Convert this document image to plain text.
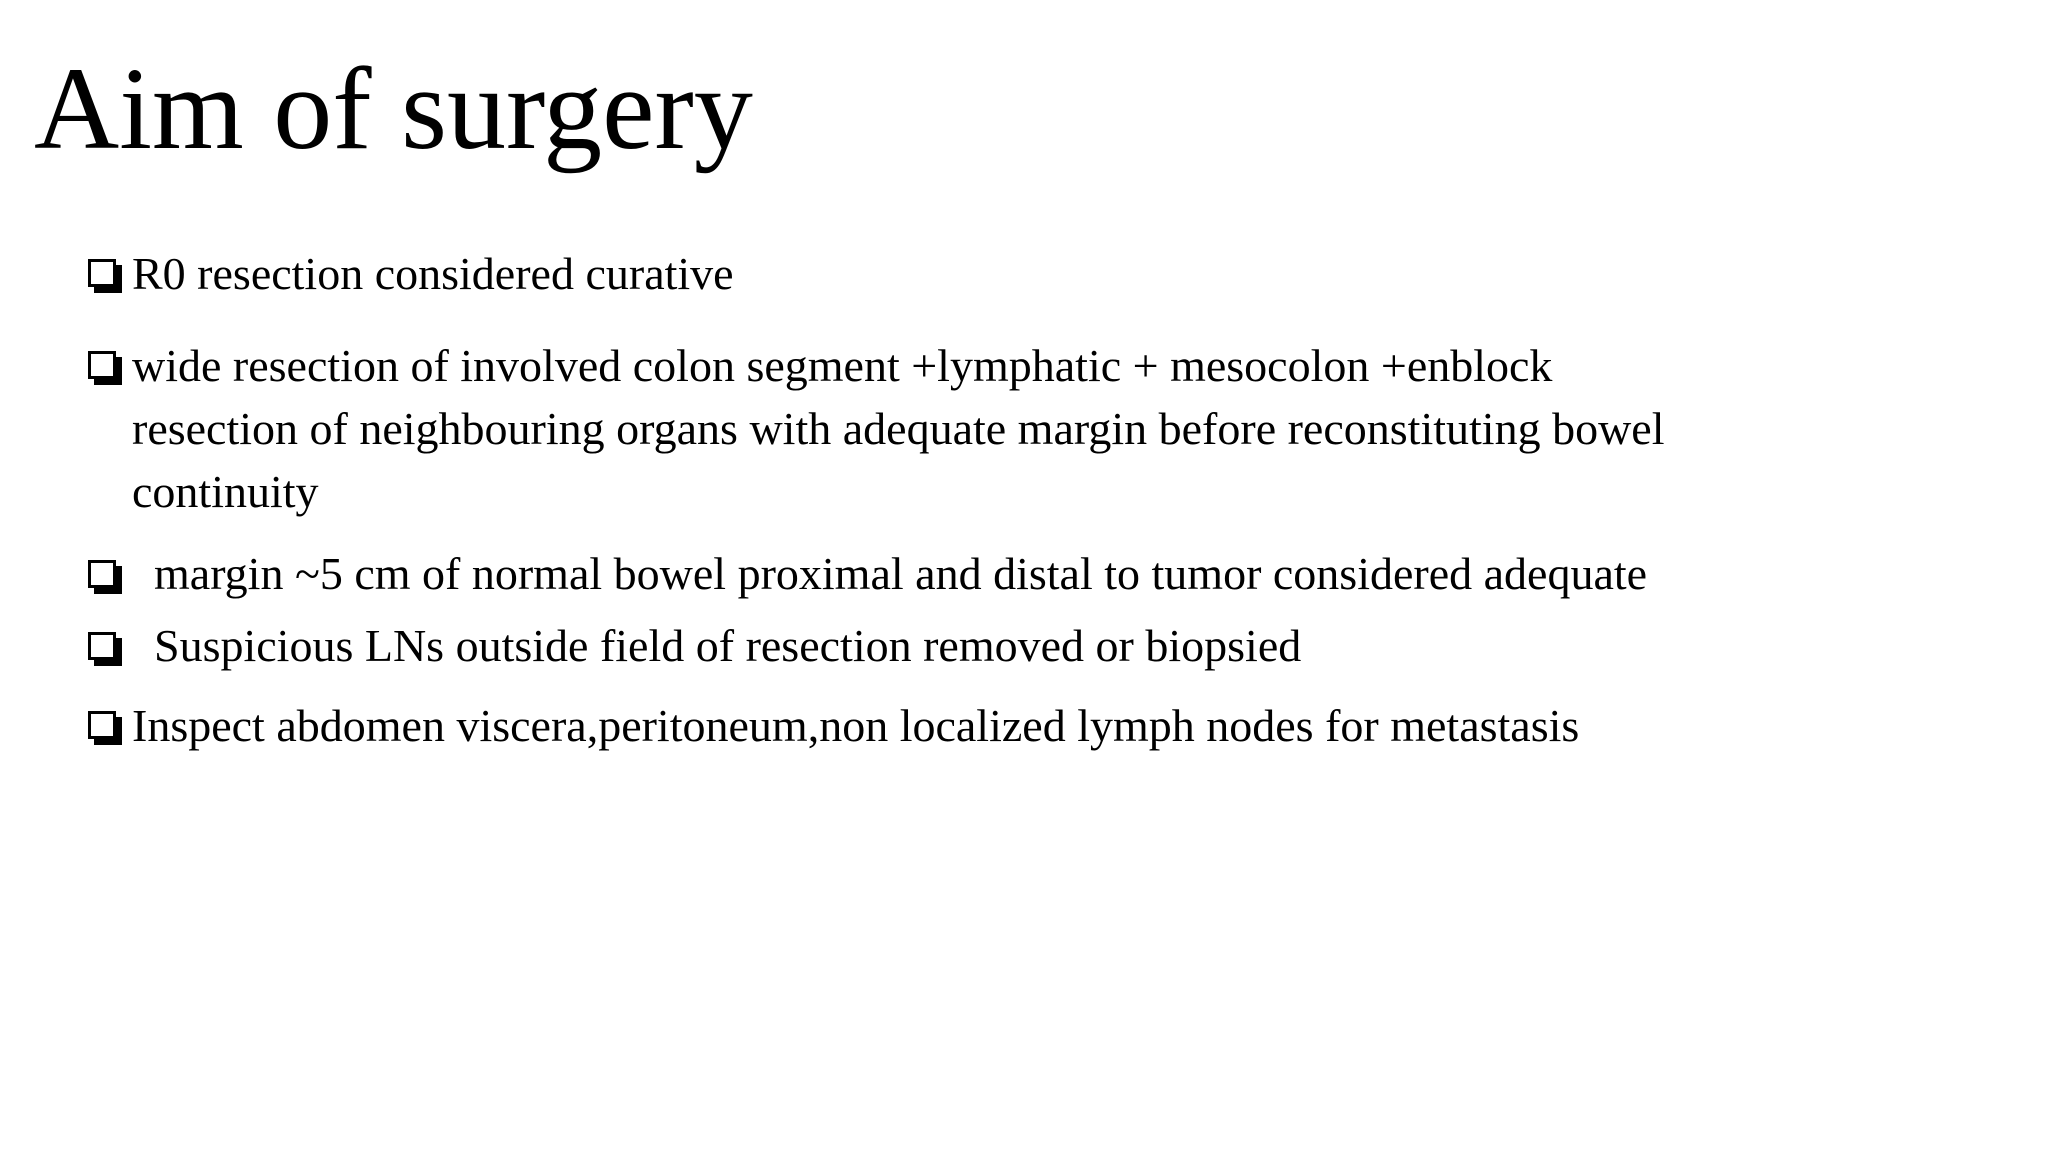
Aim of surgery
R0 resection considered curative
wide resection of involved colon segment +lymphatic + mesocolon +enblock
resection of neighbouring organs with adequate margin before reconstituting bowel
continuity
margin ~5 cm of normal bowel proximal and distal to tumor considered adequate
Suspicious LNs outside field of resection removed or biopsied
Inspect abdomen viscera,peritoneum,non localized lymph nodes for metastasis
